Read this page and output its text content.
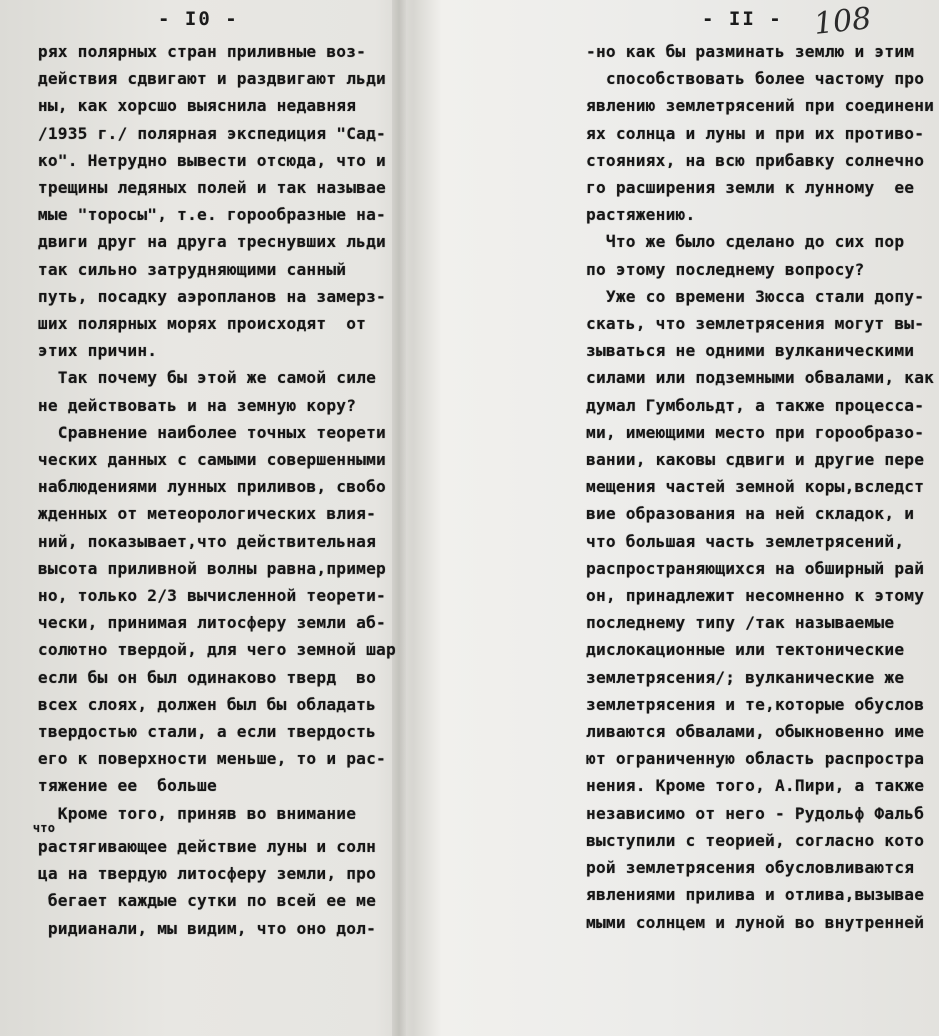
- I0 -
ряx полярных стран приливные воз-
действия сдвигают и раздвигают льди
ны, как хорсшо выяснила недавняя
/1935 г./ полярная экспедиция "Сад-
ко". Нетрудно вывести отсюда, что и
трещины ледяных полей и так называе
мые "торосы", т.е. горообразные на-
двиги друг на друга треснувших льди
так сильно затрудняющими санный
путь, посадку аэропланов на замерз-
ших полярных морях происходят  от
этих причин.
Так почему бы этой же самой силе
не действовать и на земную кору?
Сравнение наиболее точных теорети
ческих данных с самыми совершенными
наблюдениями лунных приливов, свобо
жденных от метеорологических влия-
ний, показывает,что действительная
высота приливной волны равна,пример
но, только 2/3 вычисленной теорети-
чески, принимая литосферу земли аб-
солютно твердой, для чего земной шар
если бы он был одинаково тверд  во
всех слоях, должен был бы обладать
твердостью стали, а если твердость
его к поверхности меньше, то и рас-
тяжение ее  больше
Кроме того, приняв во внимание
что
растягивающее действие луны и солн
ца на твердую литосферу земли, про
бегает каждые сутки по всей ее ме
ридианали, мы видим, что оно дол-
- II - 108
-но как бы разминать землю и этим
способствовать более частому про
явлению землетрясений при соединени
ях солнца и луны и при их противо-
стояниях, на всю прибавку солнечно
го расширения земли к лунному  ее
растяжению.
Что же было сделано до сих пор
по этому последнему вопросу?
Уже со времени Зюсса стали допу-
скать, что землетрясения могут вы-
зываться не одними вулканическими
силами или подземными обвалами, как
думал Гумбольдт, а также процесса-
ми, имеющими место при горообразо-
вании, каковы сдвиги и другие пере
мещения частей земной коры,вследст
вие образования на ней складок, и
что большая часть землетрясений,
распространяющихся на обширный рай
он, принадлежит несомненно к этому
последнему типу /так называемые
дислокационные или тектонические
землетрясения/; вулканические же
землетрясения и те,которые обуслов
ливаются обвалами, обыкновенно име
ют ограниченную область распростра
нения. Кроме того, А.Пири, а также
независимо от него - Рудольф Фальб
выступили с теорией, согласно кото
рой землетрясения обусловливаются
явлениями прилива и отлива,вызывае
мыми солнцем и луной во внутренней
